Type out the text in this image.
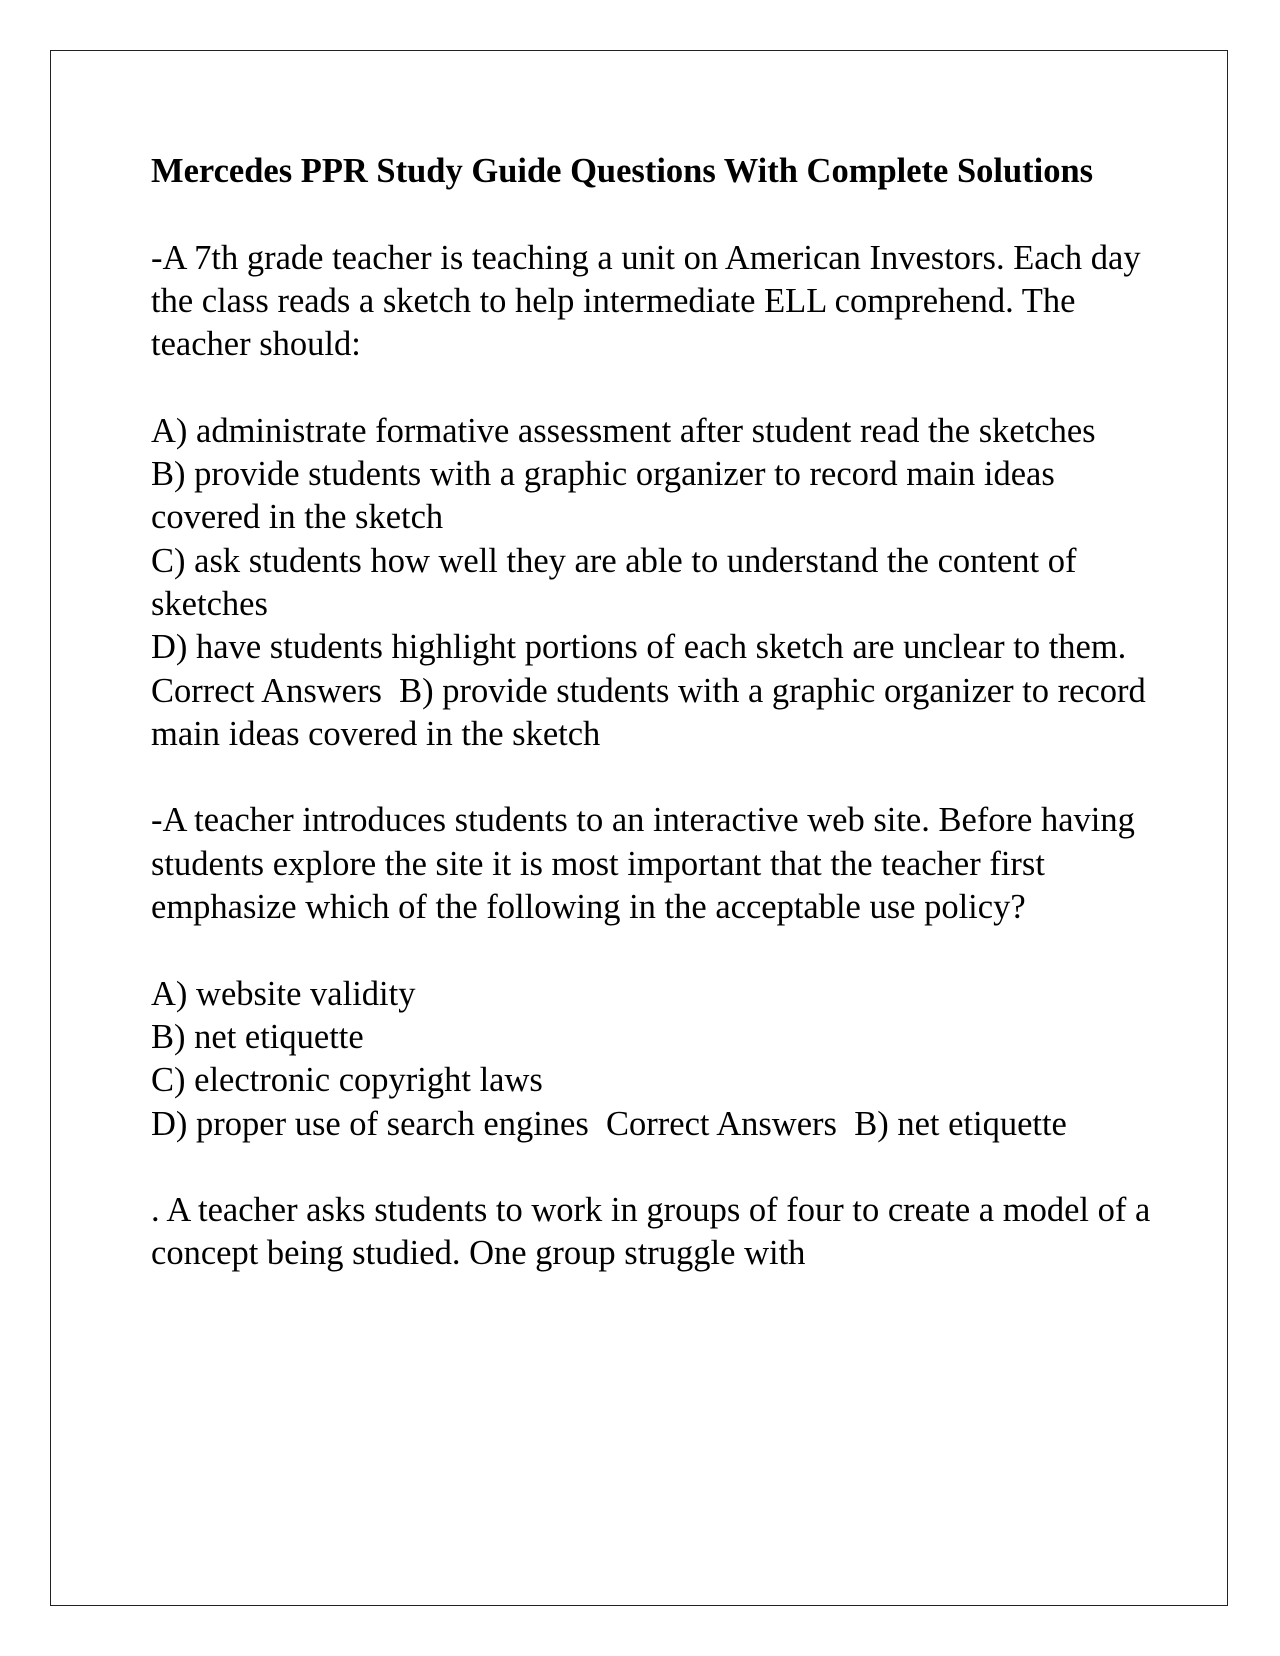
Mercedes PPR Study Guide Questions With Complete Solutions

-A 7th grade teacher is teaching a unit on American Investors. Each day the class reads a sketch to help intermediate ELL comprehend. The teacher should:

A) administrate formative assessment after student read the sketches
B) provide students with a graphic organizer to record main ideas covered in the sketch
C) ask students how well they are able to understand the content of sketches
D) have students highlight portions of each sketch are unclear to them.  Correct Answers  B) provide students with a graphic organizer to record main ideas covered in the sketch

-A teacher introduces students to an interactive web site. Before having students explore the site it is most important that the teacher first emphasize which of the following in the acceptable use policy?

A) website validity
B) net etiquette
C) electronic copyright laws
D) proper use of search engines  Correct Answers  B) net etiquette

. A teacher asks students to work in groups of four to create a model of a concept being studied. One group struggle with
